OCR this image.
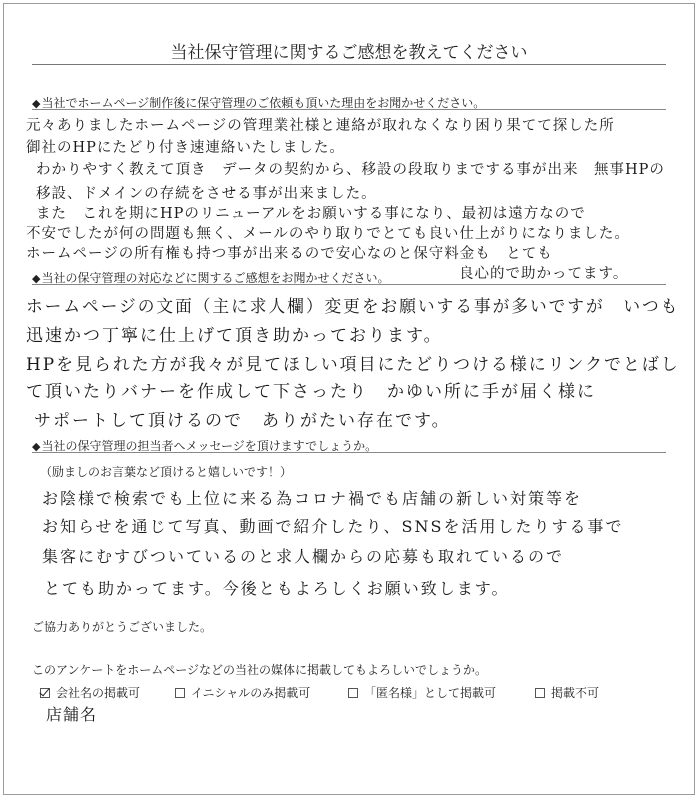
当社保守管理に関するご感想を教えてください
◆当社でホームページ制作後に保守管理のご依頼も頂いた理由をお聞かせください。
元々ありましたホームページの管理業社様と連絡が取れなくなり困り果てて探した所
御社のHPにたどり付き速連絡いたしました。
わかりやすく教えて頂き　データの契約から、移設の段取りまでする事が出来　無事HPの
移設、ドメインの存続をさせる事が出来ました。
また　これを期にHPのリニューアルをお願いする事になり、最初は遠方なので
不安でしたが何の問題も無く、メールのやり取りでとても良い仕上がりになりました。
ホームページの所有権も持つ事が出来るので安心なのと保守料金も　とても
良心的で助かってます。
◆当社の保守管理の対応などに関するご感想をお聞かせください。
ホームページの文面（主に求人欄）変更をお願いする事が多いですが　いつも
迅速かつ丁寧に仕上げて頂き助かっております。
HPを見られた方が我々が見てほしい項目にたどりつける様にリンクでとばし
て頂いたりバナーを作成して下さったり　かゆい所に手が届く様に
サポートして頂けるので　ありがたい存在です。
◆当社の保守管理の担当者へメッセージを頂けますでしょうか。
（励ましのお言葉など頂けると嬉しいです！）
お陰様で検索でも上位に来る為コロナ禍でも店舗の新しい対策等を
お知らせを通じて写真、動画で紹介したり、SNSを活用したりする事で
集客にむすびついているのと求人欄からの応募も取れているので
とても助かってます。今後ともよろしくお願い致します。
ご協力ありがとうございました。
このアンケートをホームページなどの当社の媒体に掲載してもよろしいでしょうか。
会社名の掲載可	イニシャルのみ掲載可	「匿名様」として掲載可	掲載不可
店舗名
